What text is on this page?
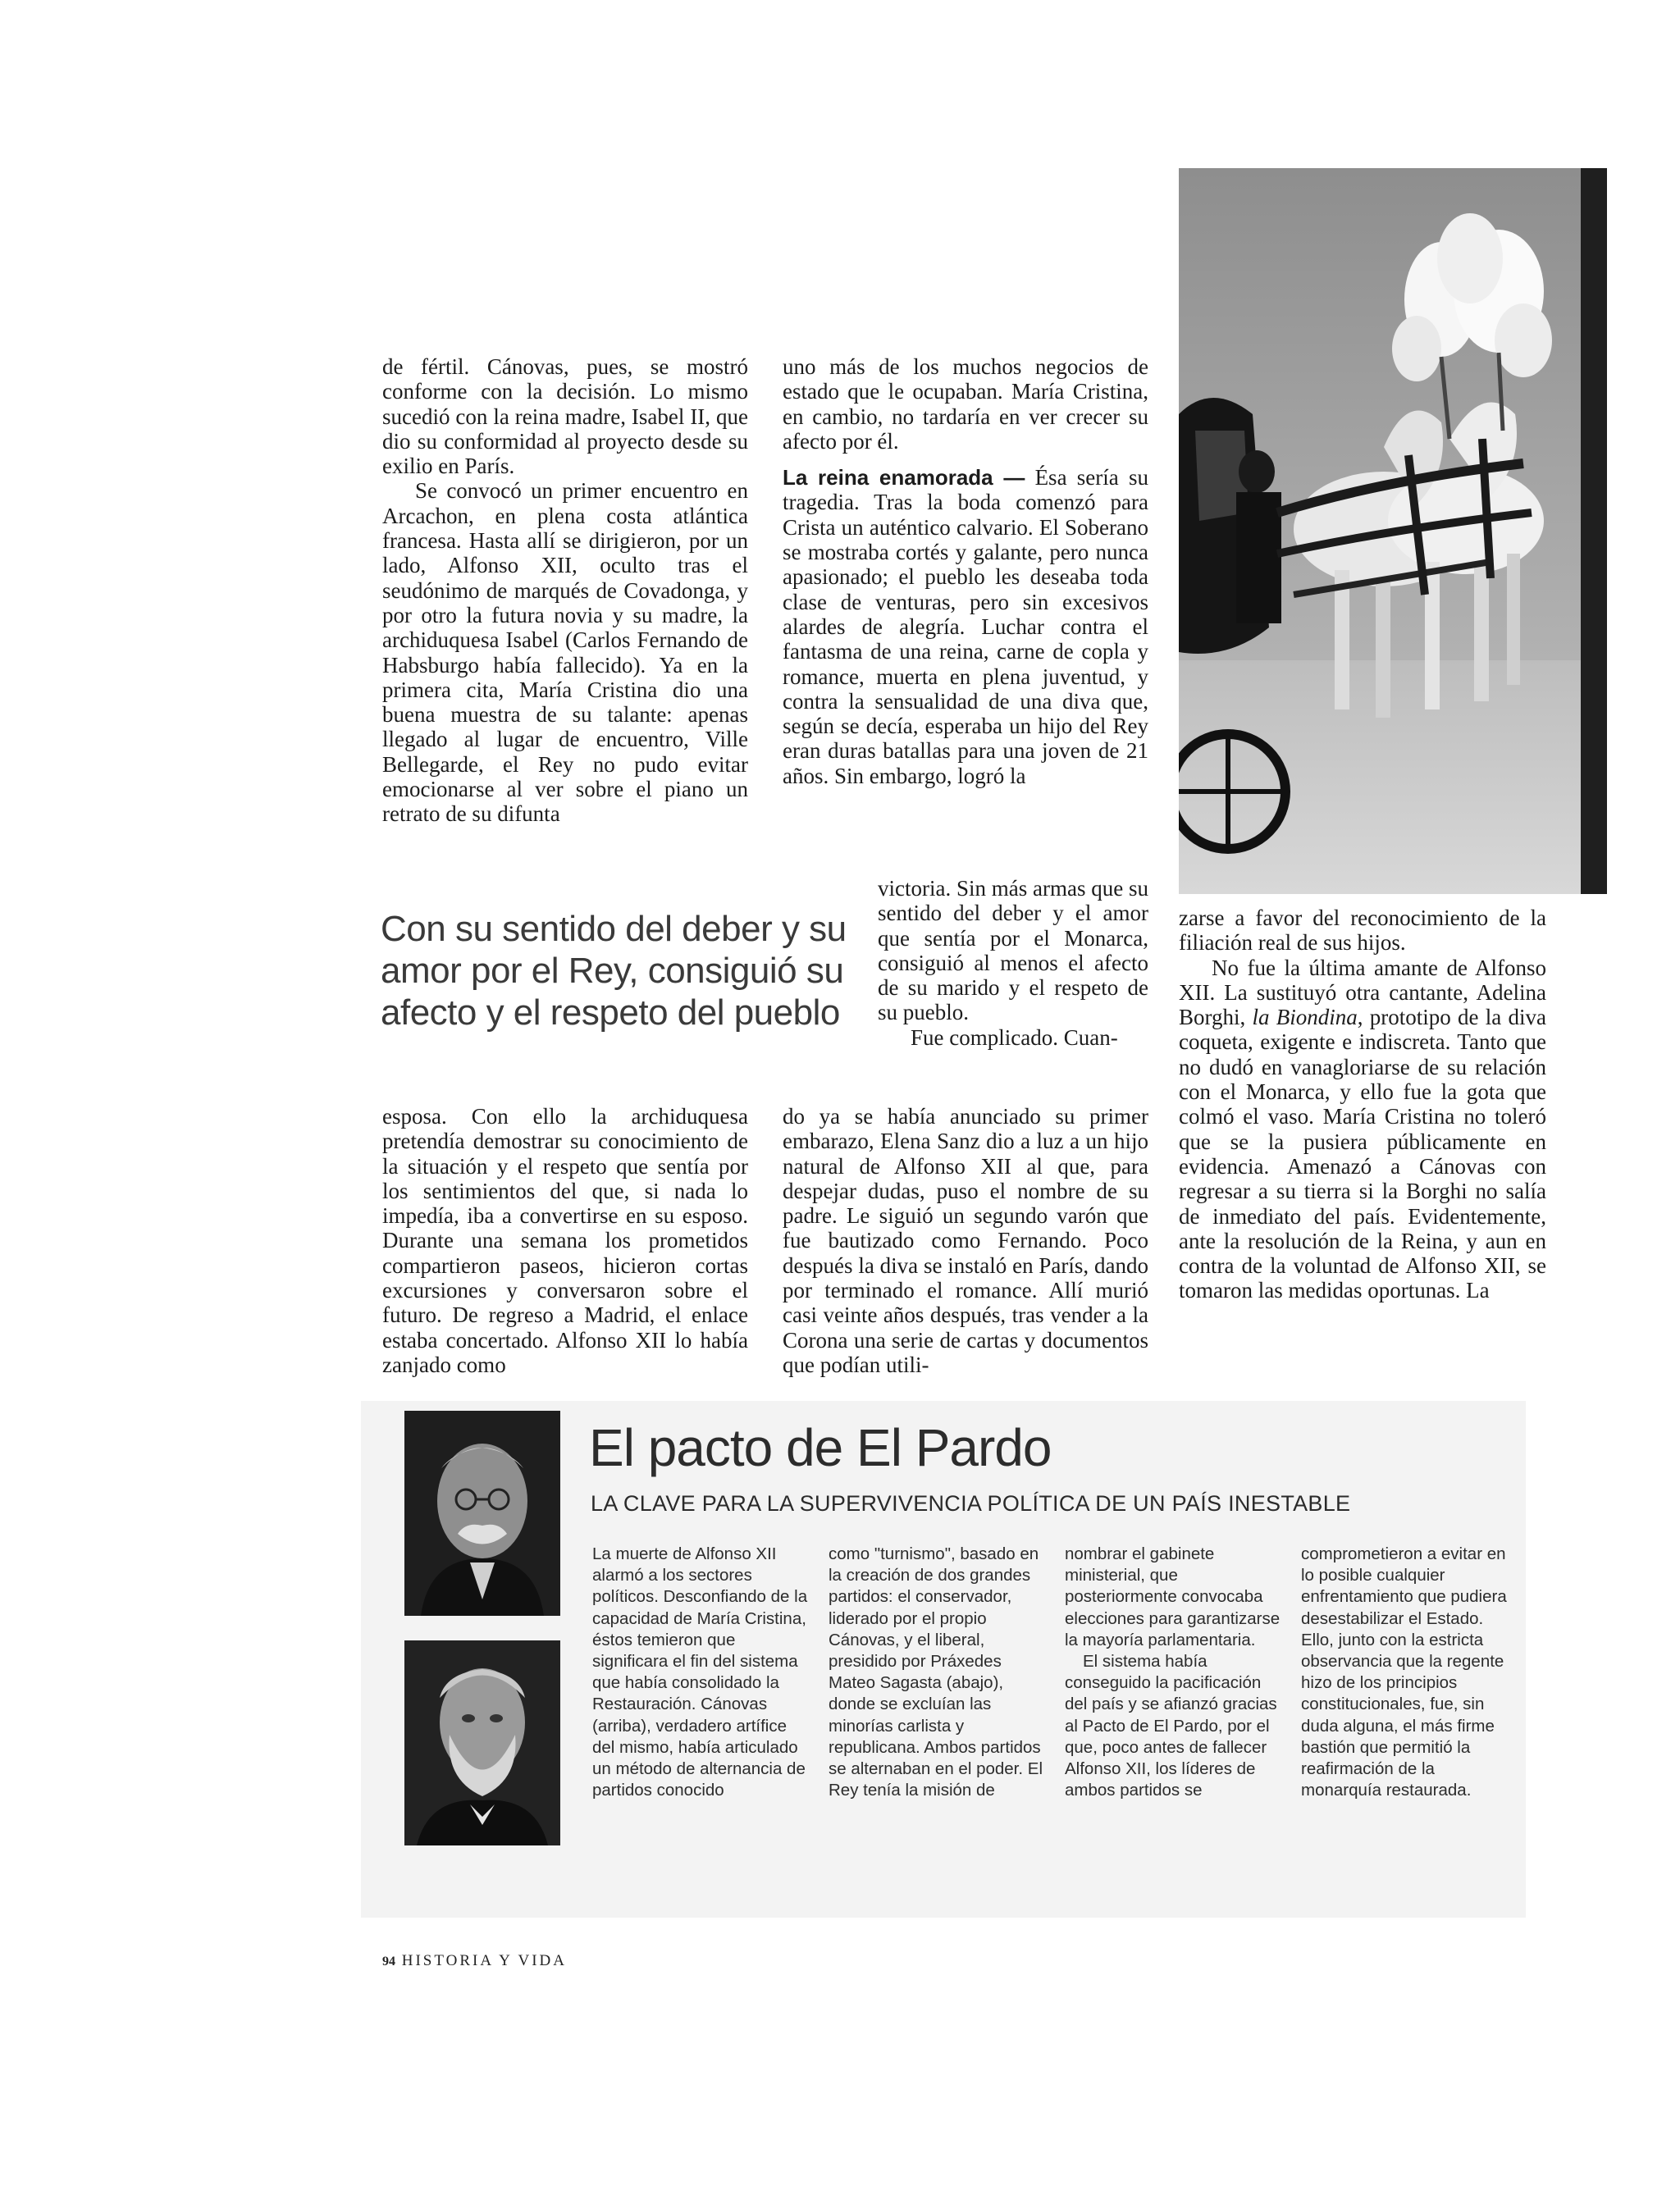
de fértil. Cánovas, pues, se mostró conforme con la decisión. Lo mismo sucedió con la reina madre, Isabel II, que dio su conformidad al proyecto desde su exilio en París.

Se convocó un primer encuentro en Arcachon, en plena costa atlántica francesa. Hasta allí se dirigieron, por un lado, Alfonso XII, oculto tras el seudónimo de marqués de Covadonga, y por otro la futura novia y su madre, la archiduquesa Isabel (Carlos Fernando de Habsburgo había fallecido). Ya en la primera cita, María Cristina dio una buena muestra de su talante: apenas llegado al lugar de encuentro, Ville Bellegarde, el Rey no pudo evitar emocionarse al ver sobre el piano un retrato de su difunta

Con su sentido del deber y su amor por el Rey, consiguió su afecto y el respeto del pueblo

esposa. Con ello la archiduquesa pretendía demostrar su conocimiento de la situación y el respeto que sentía por los sentimientos del que, si nada lo impedía, iba a convertirse en su esposo. Durante una semana los prometidos compartieron paseos, hicieron cortas excursiones y conversaron sobre el futuro. De regreso a Madrid, el enlace estaba concertado. Alfonso XII lo había zanjado como

uno más de los muchos negocios de estado que le ocupaban. María Cristina, en cambio, no tardaría en ver crecer su afecto por él.

La reina enamorada — Ésa sería su tragedia. Tras la boda comenzó para Crista un auténtico calvario. El Soberano se mostraba cortés y galante, pero nunca apasionado; el pueblo les deseaba toda clase de venturas, pero sin excesivos alardes de alegría. Luchar contra el fantasma de una reina, carne de copla y romance, muerta en plena juventud, y contra la sensualidad de una diva que, según se decía, esperaba un hijo del Rey eran duras batallas para una joven de 21 años. Sin embargo, logró la

victoria. Sin más armas que su sentido del deber y el amor que sentía por el Monarca, consiguió al menos el afecto de su marido y el respeto de su pueblo.

Fue complicado. Cuan-

do ya se había anunciado su primer embarazo, Elena Sanz dio a luz a un hijo natural de Alfonso XII al que, para despejar dudas, puso el nombre de su padre. Le siguió un segundo varón que fue bautizado como Fernando. Poco después la diva se instaló en París, dando por terminado el romance. Allí murió casi veinte años después, tras vender a la Corona una serie de cartas y documentos que podían utili-

zarse a favor del reconocimiento de la filiación real de sus hijos.

No fue la última amante de Alfonso XII. La sustituyó otra cantante, Adelina Borghi, la Biondina, prototipo de la diva coqueta, exigente e indiscreta. Tanto que no dudó en vanagloriarse de su relación con el Monarca, y ello fue la gota que colmó el vaso. María Cristina no toleró que se la pusiera públicamente en evidencia. Amenazó a Cánovas con regresar a su tierra si la Borghi no salía de inmediato del país. Evidentemente, ante la resolución de la Reina, y aun en contra de la voluntad de Alfonso XII, se tomaron las medidas oportunas. La

El pacto de El Pardo
LA CLAVE PARA LA SUPERVIVENCIA POLÍTICA DE UN PAÍS INESTABLE

La muerte de Alfonso XII alarmó a los sectores políticos. Desconfiando de la capacidad de María Cristina, éstos temieron que significara el fin del sistema que había consolidado la Restauración. Cánovas (arriba), verdadero artífice del mismo, había articulado un método de alternancia de partidos conocido

como "turnismo", basado en la creación de dos grandes partidos: el conservador, liderado por el propio Cánovas, y el liberal, presidido por Práxedes Mateo Sagasta (abajo), donde se excluían las minorías carlista y republicana. Ambos partidos se alternaban en el poder. El Rey tenía la misión de

nombrar el gabinete ministerial, que posteriormente convocaba elecciones para garantizarse la mayoría parlamentaria.

El sistema había conseguido la pacificación del país y se afianzó gracias al Pacto de El Pardo, por el que, poco antes de fallecer Alfonso XII, los líderes de ambos partidos se

comprometieron a evitar en lo posible cualquier enfrentamiento que pudiera desestabilizar el Estado. Ello, junto con la estricta observancia que la regente hizo de los principios constitucionales, fue, sin duda alguna, el más firme bastión que permitió la reafirmación de la monarquía restaurada.

94 HISTORIA Y VIDA
